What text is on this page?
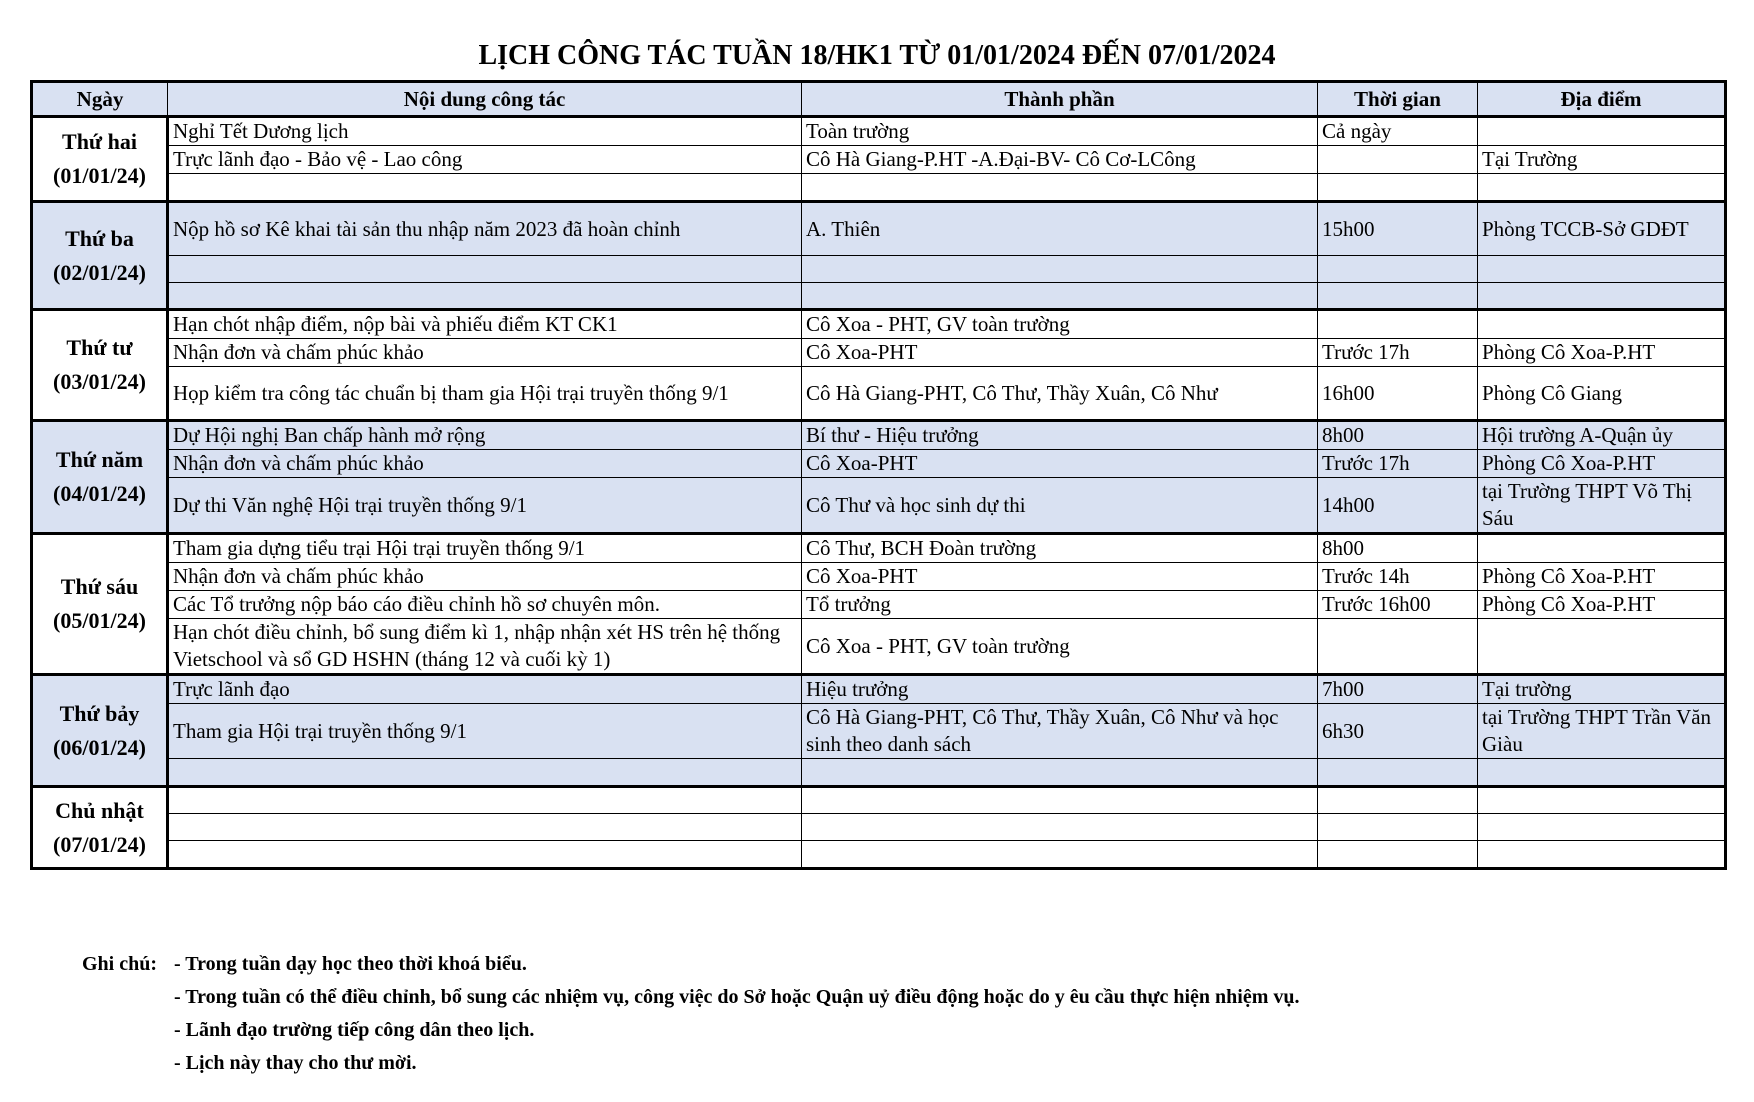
LỊCH CÔNG TÁC TUẦN 18/HK1 TỪ 01/01/2024 ĐẾN 07/01/2024
Ngày	Nội dung công tác	Thành phần	Thời gian	Địa điểm

Thứ hai
(01/01/24)	Nghỉ Tết Dương lịch	Toàn trường	Cả ngày	
	Trực lãnh đạo - Bảo vệ - Lao công	Cô Hà Giang-P.HT -A.Đại-BV- Cô Cơ-LCông		Tại Trường

Thứ ba
(02/01/24)	Nộp hồ sơ Kê khai tài sản thu nhập năm 2023 đã hoàn chỉnh	A. Thiên	15h00	Phòng TCCB-Sở GDĐT

Thứ tư
(03/01/24)	Hạn chót nhập điểm, nộp bài và phiếu điểm KT CK1	Cô Xoa - PHT, GV toàn trường		
	Nhận đơn và chấm phúc khảo	Cô Xoa-PHT	Trước 17h	Phòng Cô Xoa-P.HT
	Họp kiểm tra công tác chuẩn bị tham gia Hội trại truyền thống 9/1	Cô Hà Giang-PHT, Cô Thư, Thầy Xuân, Cô Như	16h00	Phòng Cô Giang

Thứ năm
(04/01/24)	Dự Hội nghị Ban chấp hành mở rộng	Bí thư - Hiệu trưởng	8h00	Hội trường A-Quận ủy
	Nhận đơn và chấm phúc khảo	Cô Xoa-PHT	Trước 17h	Phòng Cô Xoa-P.HT
	Dự thi Văn nghệ Hội trại truyền thống 9/1	Cô Thư và học sinh dự thi	14h00	tại Trường THPT Võ Thị Sáu

Thứ sáu
(05/01/24)	Tham gia dựng tiểu trại Hội trại truyền thống 9/1	Cô Thư, BCH Đoàn trường	8h00	
	Nhận đơn và chấm phúc khảo	Cô Xoa-PHT	Trước 14h	Phòng Cô Xoa-P.HT
	Các Tổ trưởng nộp báo cáo điều chỉnh hồ sơ chuyên môn.	Tổ trưởng	Trước 16h00	Phòng Cô Xoa-P.HT
	Hạn chót điều chỉnh, bổ sung điểm kì 1, nhập nhận xét HS trên hệ thống Vietschool và sổ GD HSHN (tháng 12 và cuối kỳ 1)	Cô Xoa - PHT, GV toàn trường		

Thứ bảy
(06/01/24)	Trực lãnh đạo	Hiệu trưởng	7h00	Tại trường
	Tham gia Hội trại truyền thống 9/1	Cô Hà Giang-PHT, Cô Thư, Thầy Xuân, Cô Như và học sinh theo danh sách	6h30	tại Trường THPT Trần Văn Giàu

Chủ nhật
(07/01/24)				

Ghi chú: - Trong tuần dạy học theo thời khoá biểu.
- Trong tuần có thể điều chỉnh, bổ sung các nhiệm vụ, công việc do Sở hoặc Quận uỷ điều động hoặc do y êu cầu thực hiện nhiệm vụ.
- Lãnh đạo trường tiếp công dân theo lịch.
- Lịch này thay cho thư mời.
